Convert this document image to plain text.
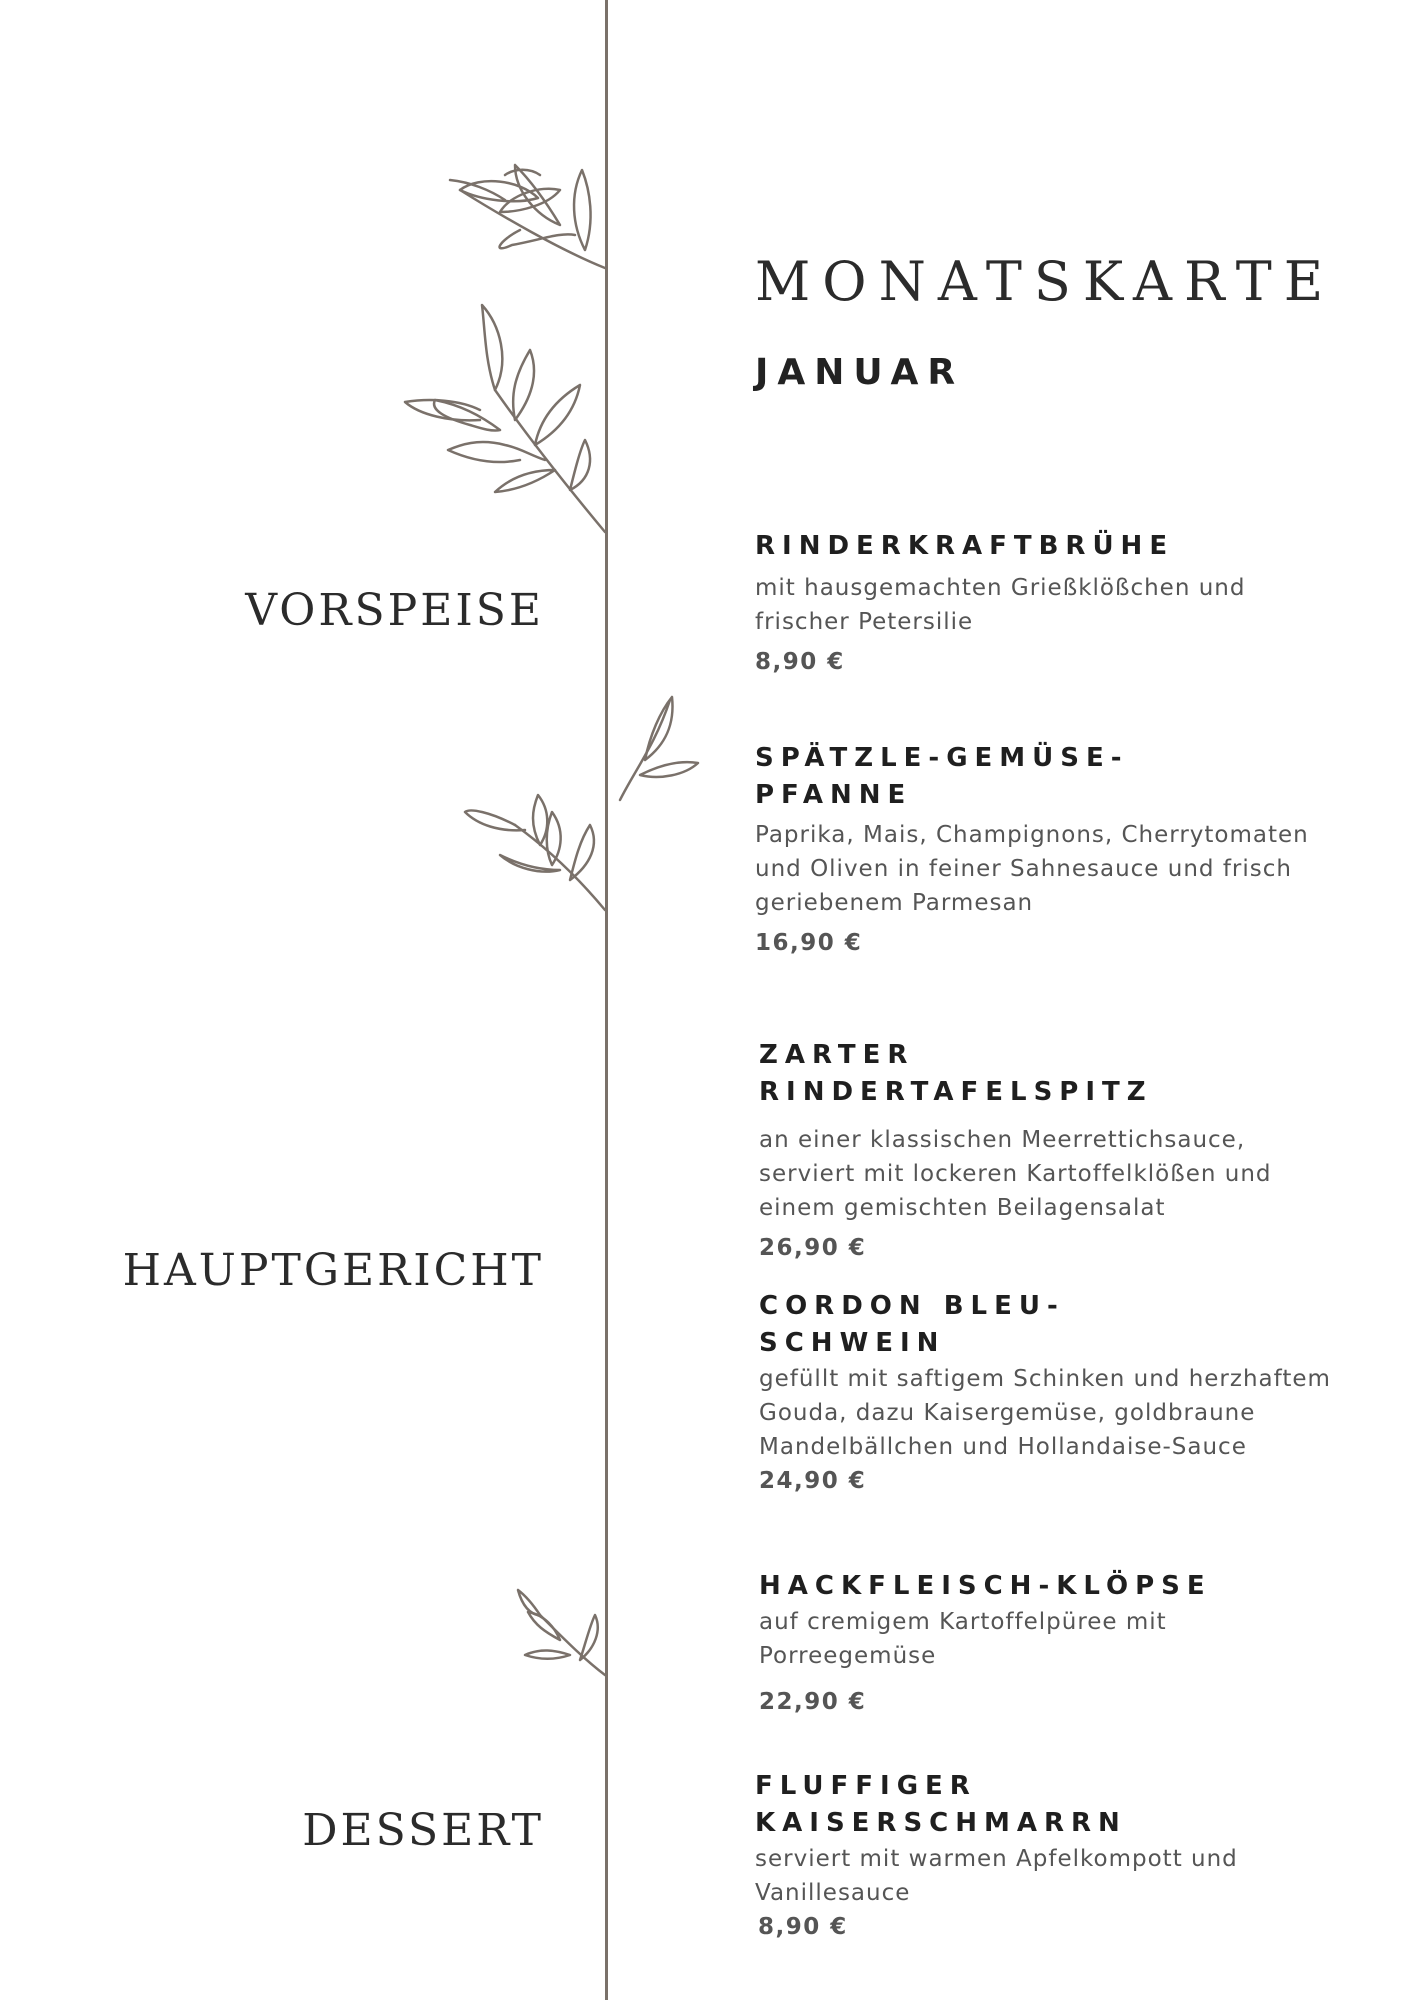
MONATSKARTE
JANUAR
VORSPEISE
HAUPTGERICHT
DESSERT
RINDERKRAFTBRÜHE
mit hausgemachten Grießklößchen und frischer Petersilie
8,90 €
SPÄTZLE-GEMÜSE-PFANNE
Paprika, Mais, Champignons, Cherrytomaten und Oliven in feiner Sahnesauce und frisch geriebenem Parmesan
16,90 €
ZARTER RINDERTAFELSPITZ
an einer klassischen Meerrettichsauce, serviert mit lockeren Kartoffelklößen und einem gemischten Beilagensalat
26,90 €
CORDON BLEU-SCHWEIN
gefüllt mit saftigem Schinken und herzhaftem Gouda, dazu Kaisergemüse, goldbraune Mandelbällchen und Hollandaise-Sauce
24,90 €
HACKFLEISCH-KLÖPSE
auf cremigem Kartoffelpüree mit Porreegemüse
22,90 €
FLUFFIGER KAISERSCHMARRN
serviert mit warmen Apfelkompott und Vanillesauce
8,90 €
